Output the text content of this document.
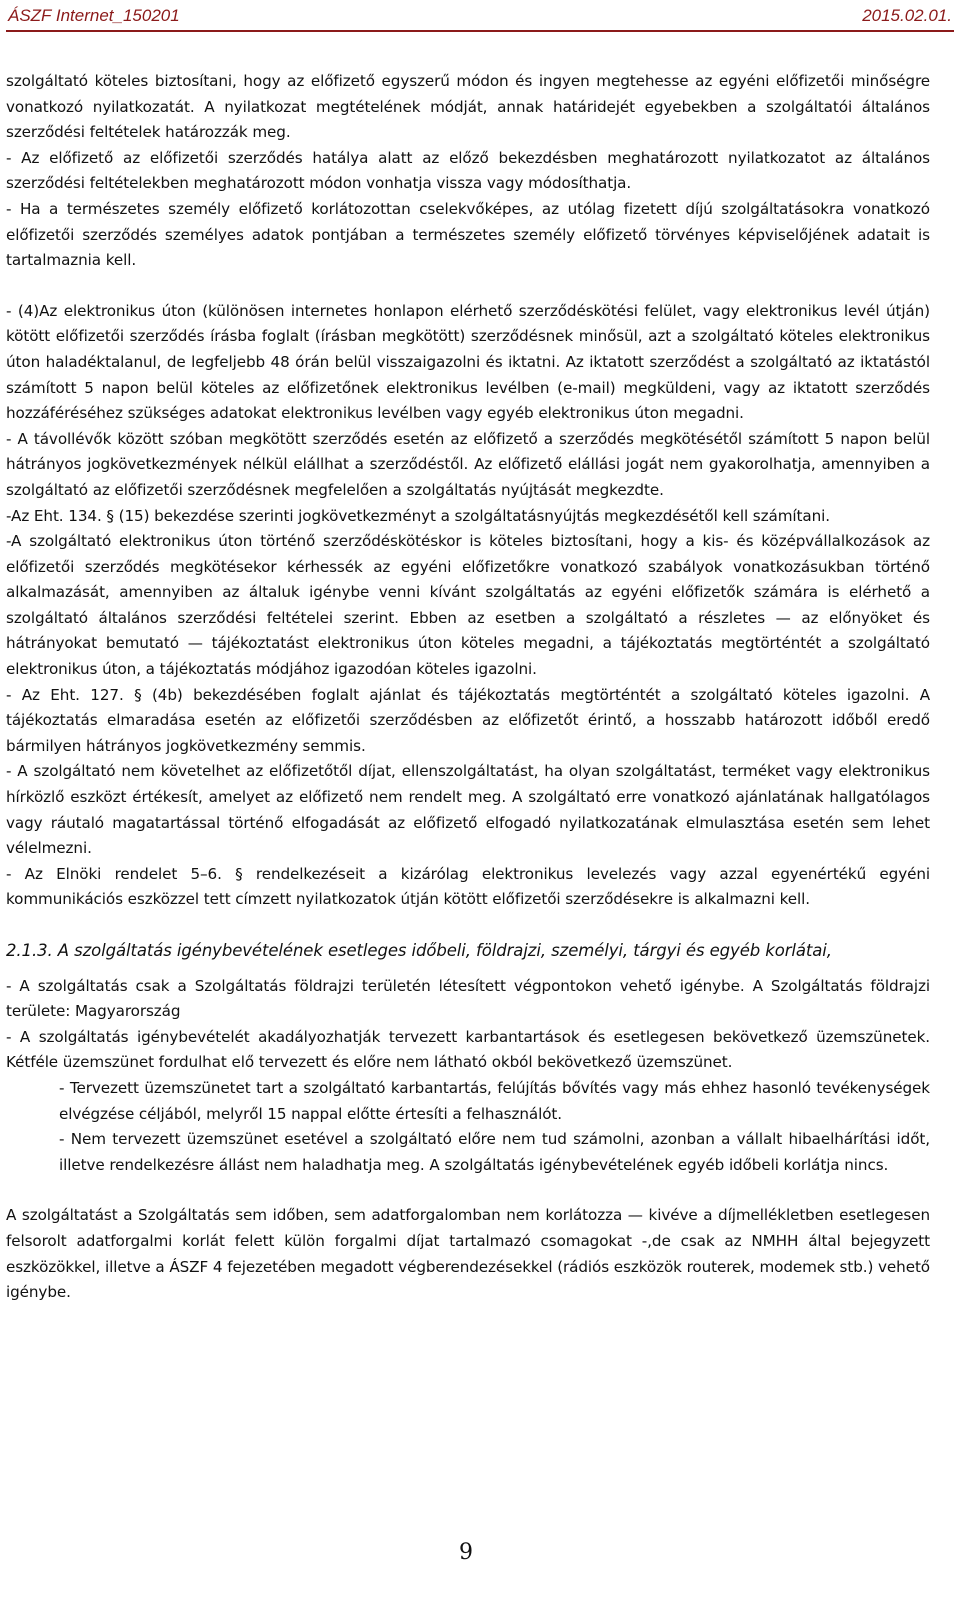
ÁSZF Internet_150201	2015.02.01.

szolgáltató köteles biztosítani, hogy az előfizető egyszerű módon és ingyen megtehesse az egyéni előfizetői minőségre vonatkozó nyilatkozatát. A nyilatkozat megtételének módját, annak határidejét egyebekben a szolgáltatói általános szerződési feltételek határozzák meg.

- Az előfizető az előfizetői szerződés hatálya alatt az előző bekezdésben meghatározott nyilatkozatot az általános szerződési feltételekben meghatározott módon vonhatja vissza vagy módosíthatja.

- Ha a természetes személy előfizető korlátozottan cselekvőképes, az utólag fizetett díjú szolgáltatásokra vonatkozó előfizetői szerződés személyes adatok pontjában a természetes személy előfizető törvényes képviselőjének adatait is tartalmaznia kell.

- (4)Az elektronikus úton (különösen internetes honlapon elérhető szerződéskötési felület, vagy elektronikus levél útján) kötött előfizetői szerződés írásba foglalt (írásban megkötött) szerződésnek minősül, azt a szolgáltató köteles elektronikus úton haladéktalanul, de legfeljebb 48 órán belül visszaigazolni és iktatni. Az iktatott szerződést a szolgáltató az iktatástól számított 5 napon belül köteles az előfizetőnek elektronikus levélben (e-mail) megküldeni, vagy az iktatott szerződés hozzáféréséhez szükséges adatokat elektronikus levélben vagy egyéb elektronikus úton megadni.

- A távollévők között szóban megkötött szerződés esetén az előfizető a szerződés megkötésétől számított 5 napon belül hátrányos jogkövetkezmények nélkül elállhat a szerződéstől. Az előfizető elállási jogát nem gyakorolhatja, amennyiben a szolgáltató az előfizetői szerződésnek megfelelően a szolgáltatás nyújtását megkezdte.

-Az Eht. 134. § (15) bekezdése szerinti jogkövetkezményt a szolgáltatásnyújtás megkezdésétől kell számítani.

-A szolgáltató elektronikus úton történő szerződéskötéskor is köteles biztosítani, hogy a kis- és középvállalkozások az előfizetői szerződés megkötésekor kérhessék az egyéni előfizetőkre vonatkozó szabályok vonatkozásukban történő alkalmazását, amennyiben az általuk igénybe venni kívánt szolgáltatás az egyéni előfizetők számára is elérhető a szolgáltató általános szerződési feltételei szerint. Ebben az esetben a szolgáltató a részletes — az előnyöket és hátrányokat bemutató — tájékoztatást elektronikus úton köteles megadni, a tájékoztatás megtörténtét a szolgáltató elektronikus úton, a tájékoztatás módjához igazodóan köteles igazolni.

- Az Eht. 127. § (4b) bekezdésében foglalt ajánlat és tájékoztatás megtörténtét a szolgáltató köteles igazolni. A tájékoztatás elmaradása esetén az előfizetői szerződésben az előfizetőt érintő, a hosszabb határozott időből eredő bármilyen hátrányos jogkövetkezmény semmis.

- A szolgáltató nem követelhet az előfizetőtől díjat, ellenszolgáltatást, ha olyan szolgáltatást, terméket vagy elektronikus hírközlő eszközt értékesít, amelyet az előfizető nem rendelt meg. A szolgáltató erre vonatkozó ajánlatának hallgatólagos vagy ráutaló magatartással történő elfogadását az előfizető elfogadó nyilatkozatának elmulasztása esetén sem lehet vélelmezni.

- Az Elnöki rendelet 5–6. § rendelkezéseit a kizárólag elektronikus levelezés vagy azzal egyenértékű egyéni kommunikációs eszközzel tett címzett nyilatkozatok útján kötött előfizetői szerződésekre is alkalmazni kell.

2.1.3. A szolgáltatás igénybevételének esetleges időbeli, földrajzi, személyi, tárgyi és egyéb korlátai,

- A szolgáltatás csak a Szolgáltatás földrajzi területén létesített végpontokon vehető igénybe. A Szolgáltatás földrajzi területe: Magyarország

- A szolgáltatás igénybevételét akadályozhatják tervezett karbantartások és esetlegesen bekövetkező üzemszünetek. Kétféle üzemszünet fordulhat elő tervezett és előre nem látható okból bekövetkező üzemszünet.

- Tervezett üzemszünetet tart a szolgáltató karbantartás, felújítás bővítés vagy más ehhez hasonló tevékenységek elvégzése céljából, melyről 15 nappal előtte értesíti a felhasználót.

- Nem tervezett üzemszünet esetével a szolgáltató előre nem tud számolni, azonban a vállalt hibaelhárítási időt, illetve rendelkezésre állást nem haladhatja meg. A szolgáltatás igénybevételének egyéb időbeli korlátja nincs.

A szolgáltatást a Szolgáltatás sem időben, sem adatforgalomban nem korlátozza — kivéve a díjmellékletben esetlegesen felsorolt adatforgalmi korlát felett külön forgalmi díjat tartalmazó csomagokat -,de csak az NMHH által bejegyzett eszközökkel, illetve a ÁSZF 4 fejezetében megadott végberendezésekkel (rádiós eszközök routerek, modemek stb.) vehető igénybe.

9
